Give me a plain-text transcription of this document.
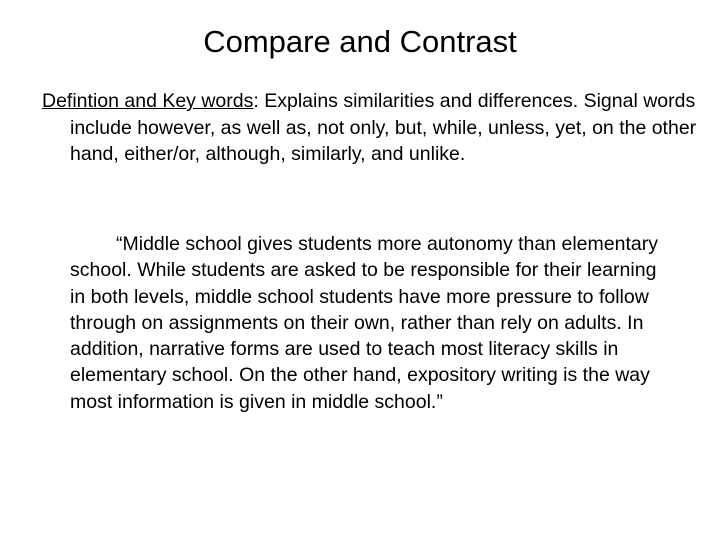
Compare and Contrast

Defintion and Key words: Explains similarities and differences. Signal words include however, as well as, not only, but, while, unless, yet, on the other hand, either/or, although, similarly, and unlike.

“Middle school gives students more autonomy than elementary school. While students are asked to be responsible for their learning in both levels, middle school students have more pressure to follow through on assignments on their own, rather than rely on adults. In addition, narrative forms are used to teach most literacy skills in elementary school. On the other hand, expository writing is the way most information is given in middle school.”
